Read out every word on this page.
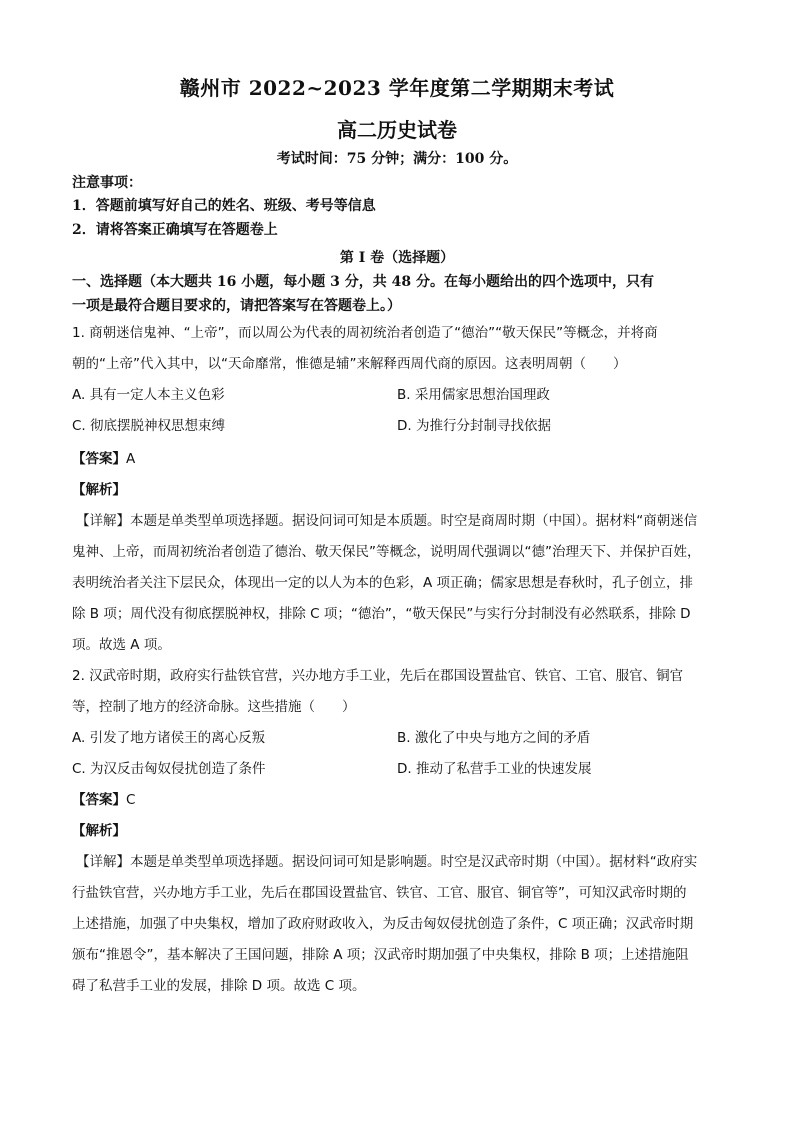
赣州市 2022~2023 学年度第二学期期末考试
高二历史试卷
考试时间：75 分钟；满分：100 分。
注意事项：
1．答题前填写好自己的姓名、班级、考号等信息
2．请将答案正确填写在答题卷上
第 I 卷（选择题）
一、选择题（本大题共 16 小题，每小题 3 分，共 48 分。在每小题给出的四个选项中，只有
一项是最符合题目要求的，请把答案写在答题卷上。）
1. 商朝迷信鬼神、“上帝”，而以周公为代表的周初统治者创造了“德治”“敬天保民”等概念，并将商
朝的“上帝”代入其中，以“天命靡常，惟德是辅”来解释西周代商的原因。这表明周朝（　　）
A. 具有一定人本主义色彩	B. 采用儒家思想治国理政
C. 彻底摆脱神权思想束缚	D. 为推行分封制寻找依据
【答案】A
【解析】
【详解】本题是单类型单项选择题。据设问词可知是本质题。时空是商周时期（中国）。据材料“商朝迷信
鬼神、上帝，而周初统治者创造了德治、敬天保民”等概念，说明周代强调以“德”治理天下、并保护百姓，
表明统治者关注下层民众，体现出一定的以人为本的色彩，A 项正确；儒家思想是春秋时，孔子创立，排
除 B 项；周代没有彻底摆脱神权，排除 C 项；“德治”，“敬天保民”与实行分封制没有必然联系，排除 D
项。故选 A 项。
2. 汉武帝时期，政府实行盐铁官营，兴办地方手工业，先后在郡国设置盐官、铁官、工官、服官、铜官
等，控制了地方的经济命脉。这些措施（　　）
A. 引发了地方诸侯王的离心反叛	B. 激化了中央与地方之间的矛盾
C. 为汉反击匈奴侵扰创造了条件	D. 推动了私营手工业的快速发展
【答案】C
【解析】
【详解】本题是单类型单项选择题。据设问词可知是影响题。时空是汉武帝时期（中国）。据材料“政府实
行盐铁官营，兴办地方手工业，先后在郡国设置盐官、铁官、工官、服官、铜官等”，可知汉武帝时期的
上述措施，加强了中央集权，增加了政府财政收入，为反击匈奴侵扰创造了条件，C 项正确；汉武帝时期
颁布“推恩令”，基本解决了王国问题，排除 A 项；汉武帝时期加强了中央集权，排除 B 项；上述措施阻
碍了私营手工业的发展，排除 D 项。故选 C 项。
